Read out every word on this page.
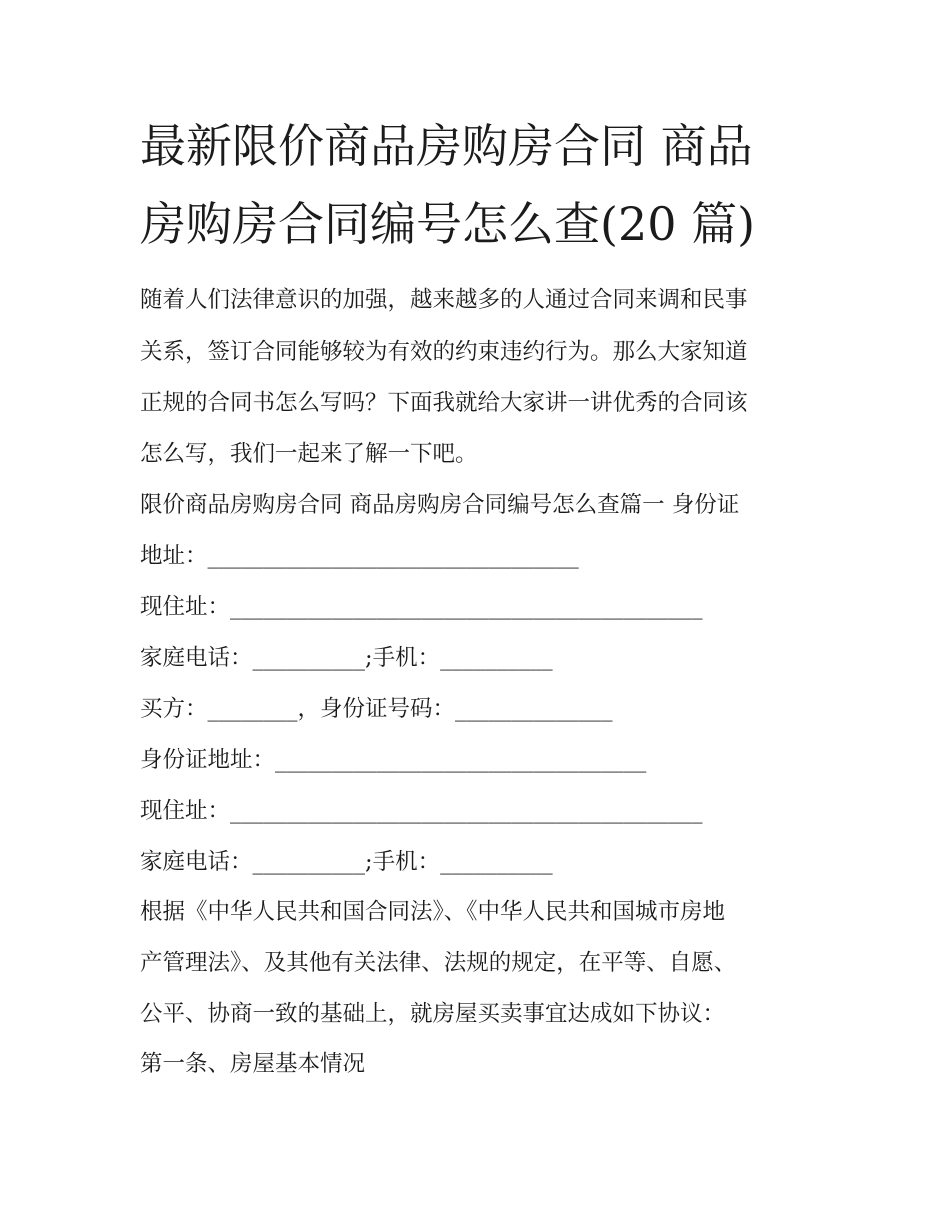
最新限价商品房购房合同 商品
房购房合同编号怎么查(20 篇)
随着人们法律意识的加强，越来越多的人通过合同来调和民事
关系，签订合同能够较为有效的约束违约行为。那么大家知道
正规的合同书怎么写吗？下面我就给大家讲一讲优秀的合同该
怎么写，我们一起来了解一下吧。
限价商品房购房合同 商品房购房合同编号怎么查篇一 身份证
地址：_________________________________
现住址：__________________________________________
家庭电话：__________;手机：__________
买方：________，身份证号码：______________
身份证地址：_________________________________
现住址：__________________________________________
家庭电话：__________;手机：__________
根据《中华人民共和国合同法》、《中华人民共和国城市房地
产管理法》、及其他有关法律、法规的规定，在平等、自愿、
公平、协商一致的基础上，就房屋买卖事宜达成如下协议：
第一条、房屋基本情况
